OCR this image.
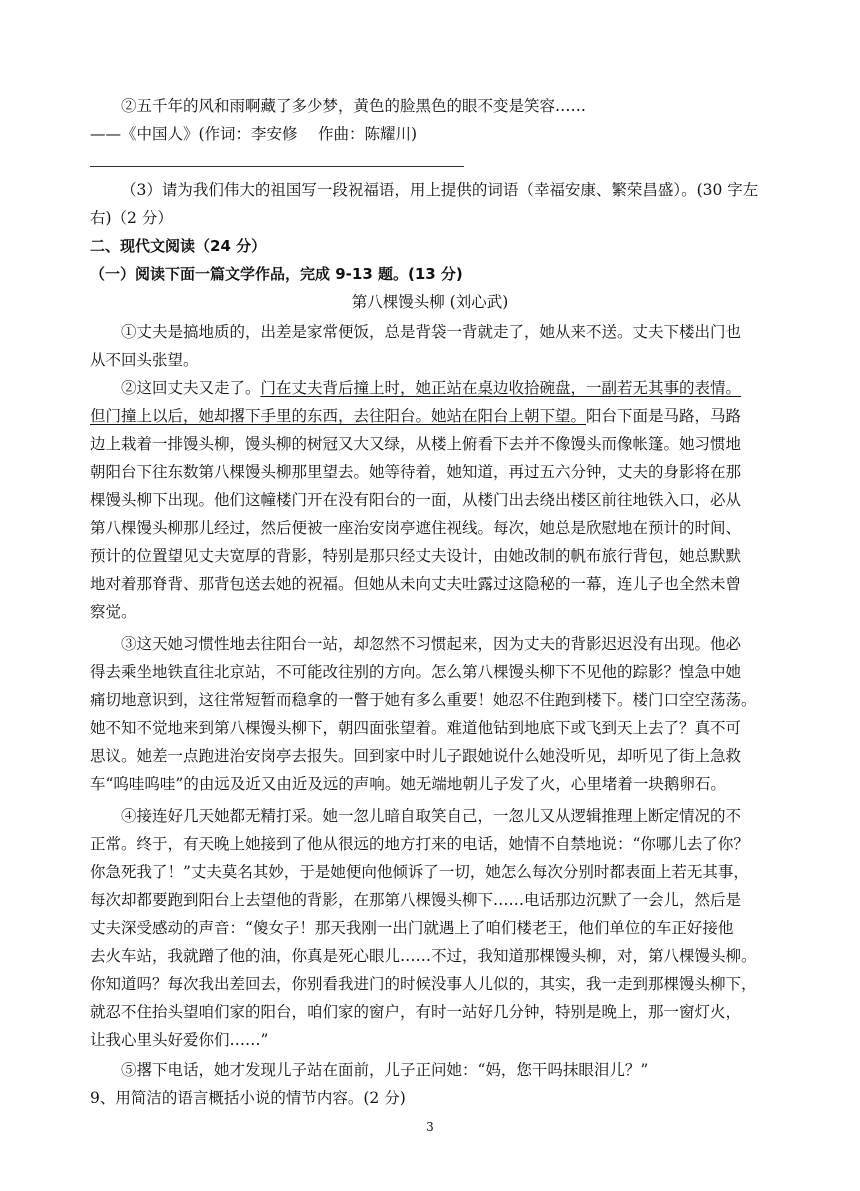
②五千年的风和雨啊藏了多少梦，黄色的脸黑色的眼不变是笑容……
——《中国人》(作词：李安修　 作曲：陈耀川)
（3）请为我们伟大的祖国写一段祝福语，用上提供的词语（幸福安康、繁荣昌盛）。(30 字左
右)（2 分）
二、现代文阅读（24 分）
（一）阅读下面一篇文学作品，完成 9-13 题。(13 分)
第八棵馒头柳 (刘心武)
①丈夫是搞地质的，出差是家常便饭，总是背袋一背就走了，她从来不送。丈夫下楼出门也
从不回头张望。
②这回丈夫又走了。门在丈夫背后撞上时，她正站在桌边收拾碗盘，一副若无其事的表情。
但门撞上以后，她却撂下手里的东西，去往阳台。她站在阳台上朝下望。阳台下面是马路，马路
边上栽着一排馒头柳，馒头柳的树冠又大又绿，从楼上俯看下去并不像馒头而像帐篷。她习惯地
朝阳台下往东数第八棵馒头柳那里望去。她等待着，她知道，再过五六分钟，丈夫的身影将在那
棵馒头柳下出现。他们这幢楼门开在没有阳台的一面，从楼门出去绕出楼区前往地铁入口，必从
第八棵馒头柳那儿经过，然后便被一座治安岗亭遮住视线。每次，她总是欣慰地在预计的时间、
预计的位置望见丈夫宽厚的背影，特别是那只经丈夫设计，由她改制的帆布旅行背包，她总默默
地对着那脊背、那背包送去她的祝福。但她从未向丈夫吐露过这隐秘的一幕，连儿子也全然未曾
察觉。
③这天她习惯性地去往阳台一站，却忽然不习惯起来，因为丈夫的背影迟迟没有出现。他必
得去乘坐地铁直往北京站，不可能改往别的方向。怎么第八棵馒头柳下不见他的踪影？惶急中她
痛切地意识到，这往常短暂而稳拿的一瞥于她有多么重要！她忍不住跑到楼下。楼门口空空荡荡。
她不知不觉地来到第八棵馒头柳下，朝四面张望着。难道他钻到地底下或飞到天上去了？真不可
思议。她差一点跑进治安岗亭去报失。回到家中时儿子跟她说什么她没听见，却听见了街上急救
车“呜哇呜哇”的由远及近又由近及远的声响。她无端地朝儿子发了火，心里堵着一块鹅卵石。
④接连好几天她都无精打采。她一忽儿暗自取笑自己，一忽儿又从逻辑推理上断定情况的不
正常。终于，有天晚上她接到了他从很远的地方打来的电话，她情不自禁地说：“你哪儿去了你？
你急死我了！”丈夫莫名其妙，于是她便向他倾诉了一切，她怎么每次分别时都表面上若无其事，
每次却都要跑到阳台上去望他的背影，在那第八棵馒头柳下……电话那边沉默了一会儿，然后是
丈夫深受感动的声音：“傻女子！那天我刚一出门就遇上了咱们楼老王，他们单位的车正好接他
去火车站，我就蹭了他的油，你真是死心眼儿……不过，我知道那棵馒头柳，对，第八棵馒头柳。
你知道吗？每次我出差回去，你别看我进门的时候没事人儿似的，其实，我一走到那棵馒头柳下，
就忍不住抬头望咱们家的阳台，咱们家的窗户，有时一站好几分钟，特别是晚上，那一窗灯火，
让我心里头好爱你们……”
⑤撂下电话，她才发现儿子站在面前，儿子正问她：“妈，您干吗抹眼泪儿？”
9、用简洁的语言概括小说的情节内容。(2 分)
3
